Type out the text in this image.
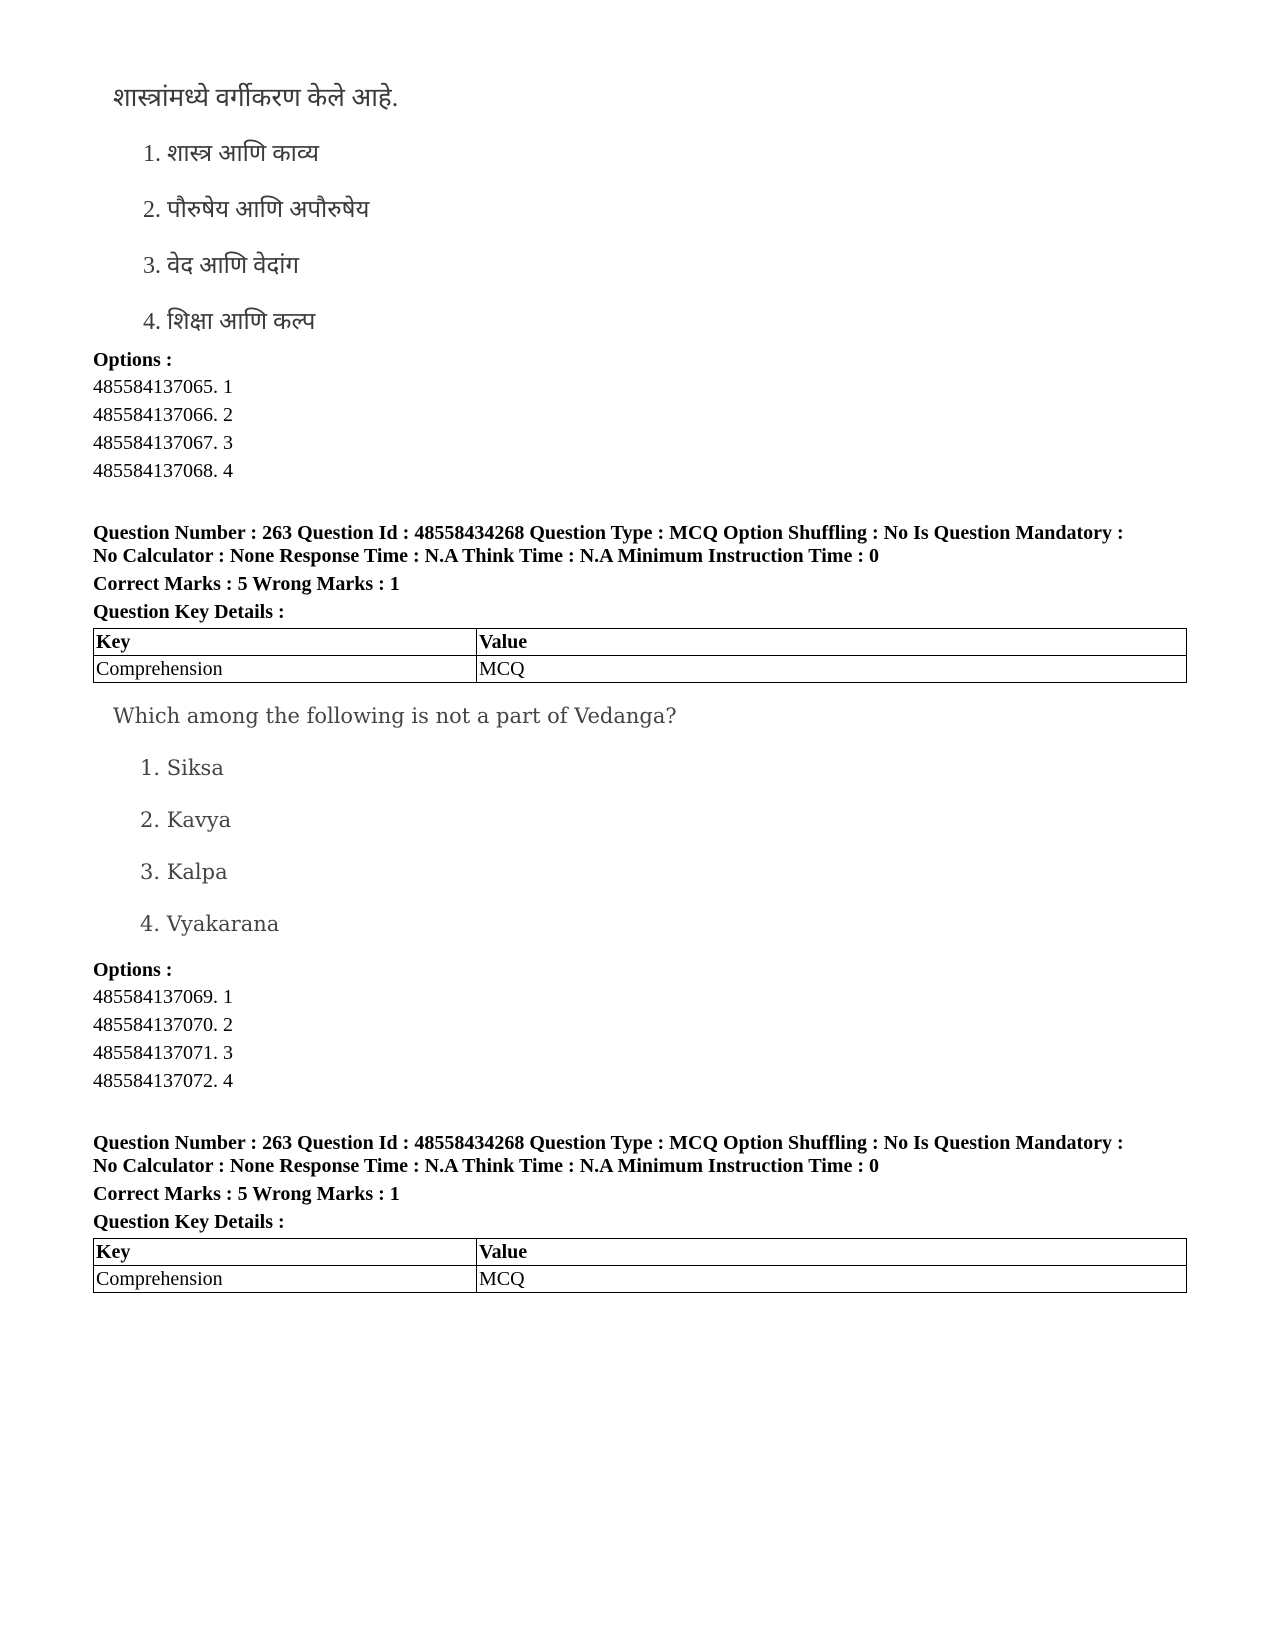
शास्त्रांमध्ये वर्गीकरण केले आहे.
1. शास्त्र आणि काव्य
2. पौरुषेय आणि अपौरुषेय
3. वेद आणि वेदांग
4. शिक्षा आणि कल्प
Options :
485584137065. 1
485584137066. 2
485584137067. 3
485584137068. 4
Question Number : 263 Question Id : 48558434268 Question Type : MCQ Option Shuffling : No Is Question Mandatory :
No Calculator : None Response Time : N.A Think Time : N.A Minimum Instruction Time : 0
Correct Marks : 5 Wrong Marks : 1
Question Key Details :
Key	Value
Comprehension	MCQ
Which among the following is not a part of Vedanga?
1. Siksa
2. Kavya
3. Kalpa
4. Vyakarana
Options :
485584137069. 1
485584137070. 2
485584137071. 3
485584137072. 4
Question Number : 263 Question Id : 48558434268 Question Type : MCQ Option Shuffling : No Is Question Mandatory :
No Calculator : None Response Time : N.A Think Time : N.A Minimum Instruction Time : 0
Correct Marks : 5 Wrong Marks : 1
Question Key Details :
Key	Value
Comprehension	MCQ
